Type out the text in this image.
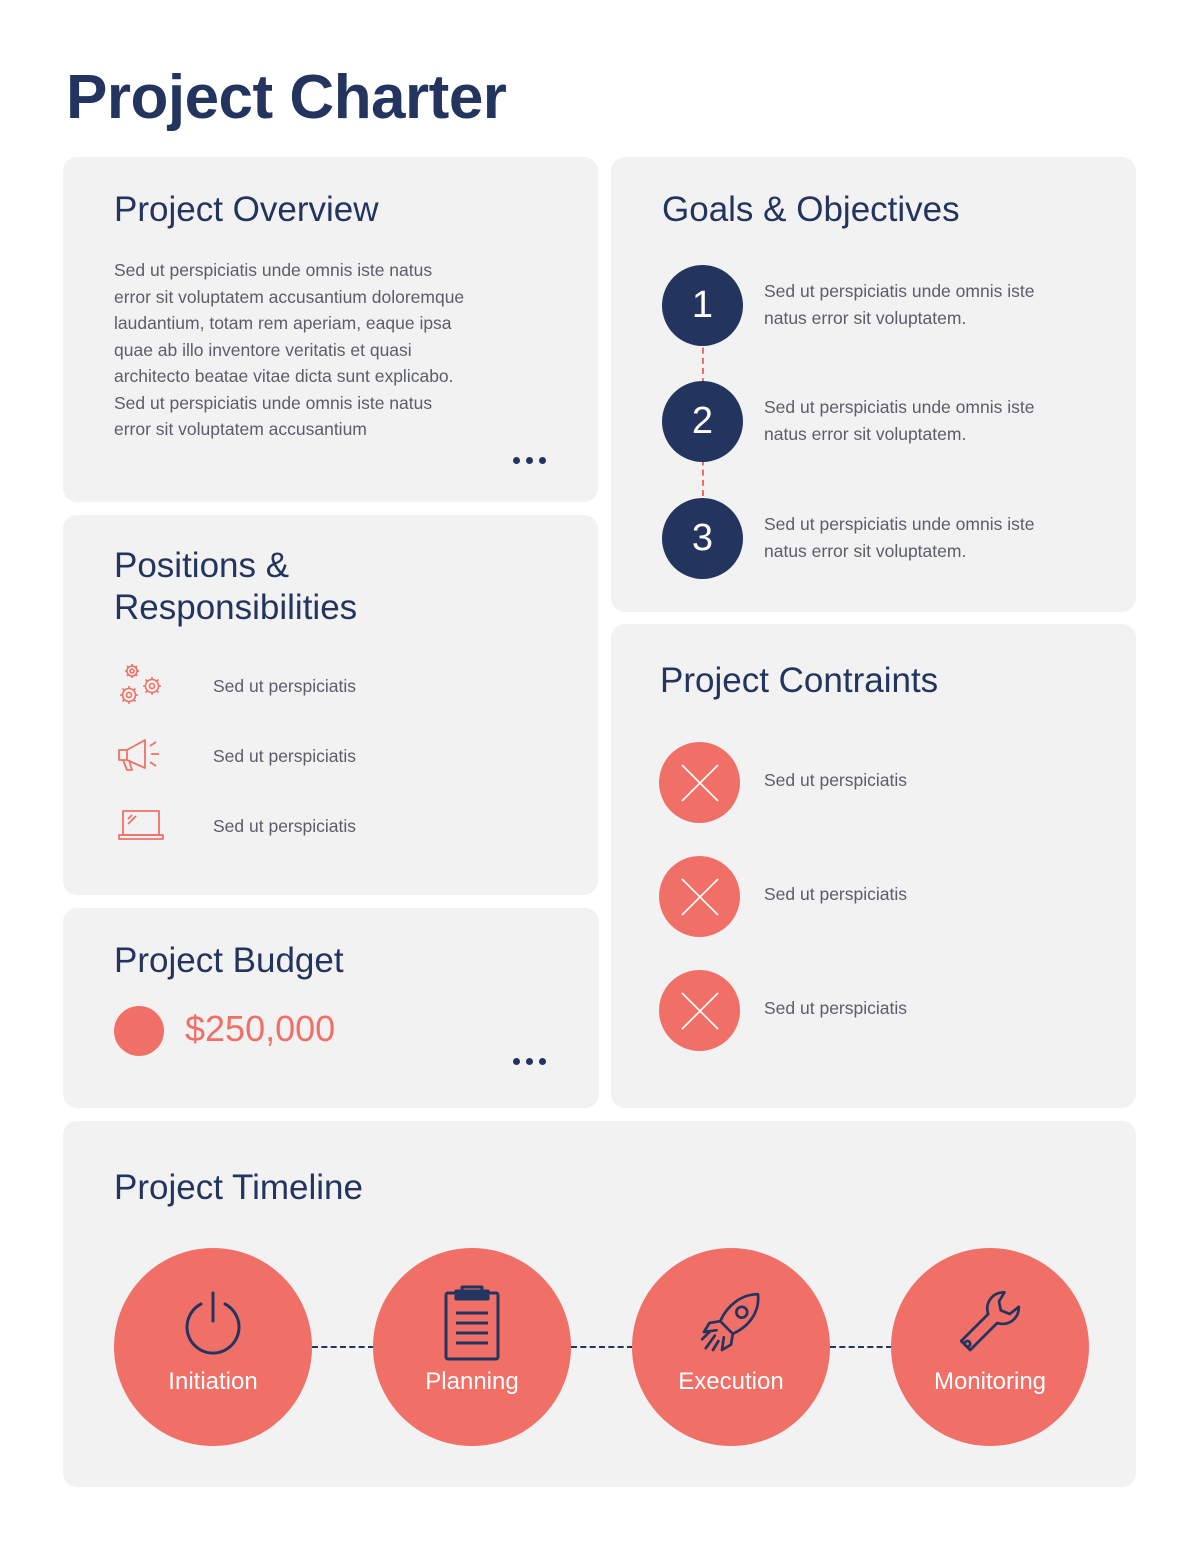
Project Charter
Project Overview
Sed ut perspiciatis unde omnis iste natus
error sit voluptatem accusantium doloremque
laudantium, totam rem aperiam, eaque ipsa
quae ab illo inventore veritatis et quasi
architecto beatae vitae dicta sunt explicabo.
Sed ut perspiciatis unde omnis iste natus
error sit voluptatem accusantium
Positions &
Responsibilities
Sed ut perspiciatis
Sed ut perspiciatis
Sed ut perspiciatis
Project Budget
$250,000
Goals & Objectives
1	Sed ut perspiciatis unde omnis iste
natus error sit voluptatem.
2	Sed ut perspiciatis unde omnis iste
natus error sit voluptatem.
3	Sed ut perspiciatis unde omnis iste
natus error sit voluptatem.
Project Contraints
Sed ut perspiciatis
Sed ut perspiciatis
Sed ut perspiciatis
Project Timeline
Initiation	Planning	Execution	Monitoring
